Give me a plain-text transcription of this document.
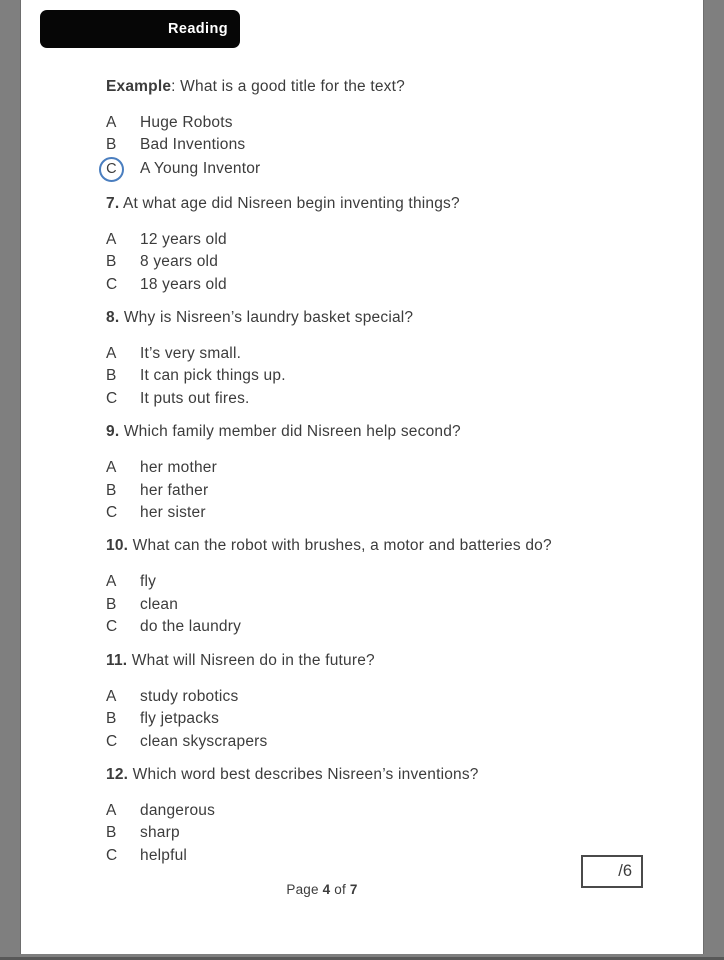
Reading

Example: What is a good title for the text?

A	Huge Robots
B	Bad Inventions
C	A Young Inventor

7. At what age did Nisreen begin inventing things?

A	12 years old
B	8 years old
C	18 years old

8. Why is Nisreen’s laundry basket special?

A	It’s very small.
B	It can pick things up.
C	It puts out fires.

9. Which family member did Nisreen help second?

A	her mother
B	her father
C	her sister

10. What can the robot with brushes, a motor and batteries do?

A	fly
B	clean
C	do the laundry

11. What will Nisreen do in the future?

A	study robotics
B	fly jetpacks
C	clean skyscrapers

12. Which word best describes Nisreen’s inventions?

A	dangerous
B	sharp
C	helpful
/6
Page 4 of 7
